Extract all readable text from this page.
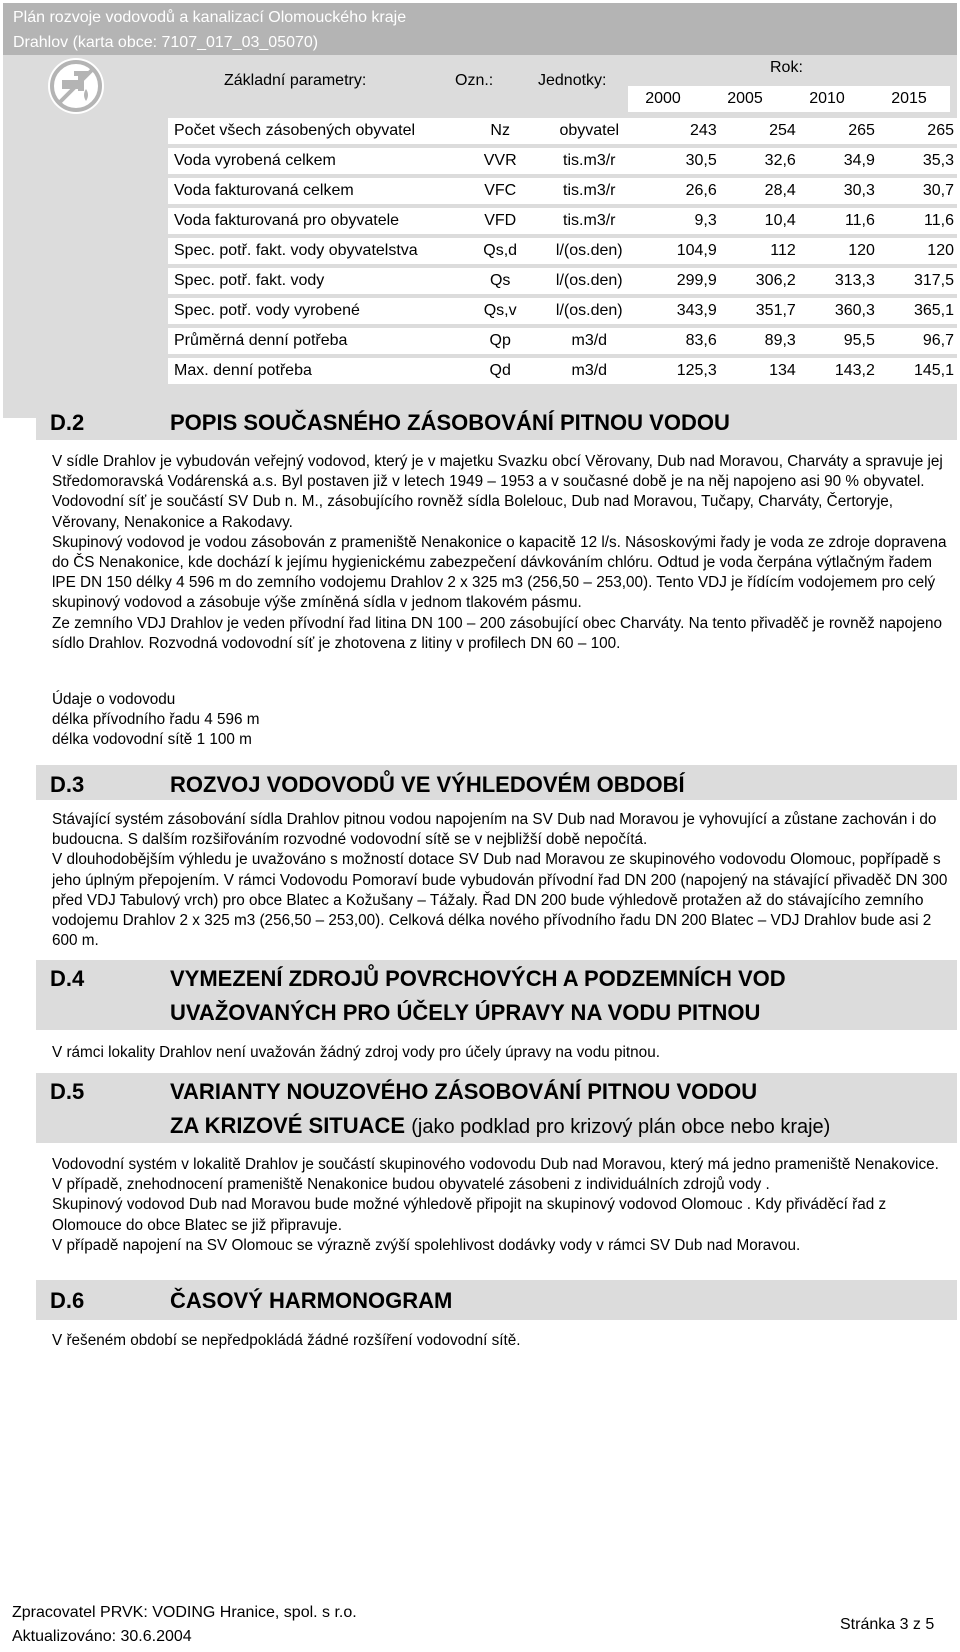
Plán rozvoje vodovodů a kanalizací Olomouckého kraje
Drahlov (karta obce: 7107_017_03_05070)
Základní parametry:	Ozn.:	Jednotky:
Rok:
2000	2005	2010	2015
Počet všech zásobených obyvatel	Nz	obyvatel	243	254	265	265
Voda vyrobená celkem	VVR	tis.m3/r	30,5	32,6	34,9	35,3
Voda fakturovaná celkem	VFC	tis.m3/r	26,6	28,4	30,3	30,7
Voda fakturovaná pro obyvatele	VFD	tis.m3/r	9,3	10,4	11,6	11,6
Spec. potř. fakt. vody obyvatelstva	Qs,d	l/(os.den)	104,9	112	120	120
Spec. potř. fakt. vody	Qs	l/(os.den)	299,9	306,2	313,3	317,5
Spec. potř. vody vyrobené	Qs,v	l/(os.den)	343,9	351,7	360,3	365,1
Průměrná denní potřeba	Qp	m3/d	83,6	89,3	95,5	96,7
Max. denní potřeba	Qd	m3/d	125,3	134	143,2	145,1
D.2	POPIS SOUČASNÉHO ZÁSOBOVÁNÍ PITNOU VODOU

V sídle Drahlov je vybudován veřejný vodovod, který je v majetku Svazku obcí Věrovany, Dub nad Moravou, Charváty a spravuje jej Středomoravská Vodárenská a.s. Byl postaven již v letech 1949 – 1953 a v současné době je na něj napojeno asi 90 % obyvatel. Vodovodní síť je součástí SV Dub n. M., zásobujícího rovněž sídla Bolelouc, Dub nad Moravou, Tučapy, Charváty, Čertoryje, Věrovany, Nenakonice a Rakodavy.

Skupinový vodovod je vodou zásobován z prameniště Nenakonice o kapacitě 12 l/s. Násoskovými řady je voda ze zdroje dopravena do ČS Nenakonice, kde dochází k jejímu hygienickému zabezpečení dávkováním chlóru. Odtud je voda čerpána výtlačným řadem lPE DN 150 délky 4 596 m do zemního vodojemu Drahlov 2 x 325 m3 (256,50 – 253,00). Tento VDJ je řídícím vodojemem pro celý skupinový vodovod a zásobuje výše zmíněná sídla v jednom tlakovém pásmu.

Ze zemního VDJ Drahlov je veden přívodní řad litina DN 100 – 200 zásobující obec Charváty. Na tento přivaděč je rovněž napojeno sídlo Drahlov. Rozvodná vodovodní síť je zhotovena z litiny v profilech DN 60 – 100.

Údaje o vodovodu

délka přívodního řadu 4 596 m

délka vodovodní sítě 1 100 m

D.3	ROZVOJ VODOVODŮ VE VÝHLEDOVÉM OBDOBÍ

Stávající systém zásobování sídla Drahlov pitnou vodou napojením na SV Dub nad Moravou je vyhovující a zůstane zachován i do budoucna. S dalším rozšiřováním rozvodné vodovodní sítě se v nejbližší době nepočítá.

V dlouhodobějším výhledu je uvažováno s možností dotace SV Dub nad Moravou ze skupinového vodovodu Olomouc, popřípadě s jeho úplným přepojením. V rámci Vodovodu Pomoraví bude vybudován přívodní řad DN 200 (napojený na stávající přivaděč DN 300 před VDJ Tabulový vrch) pro obce Blatec a Kožušany – Tážaly. Řad DN 200 bude výhledově protažen až do stávajícího zemního vodojemu Drahlov 2 x 325 m3 (256,50 – 253,00). Celková délka nového přívodního řadu DN 200 Blatec – VDJ Drahlov bude asi 2 600 m.

D.4	VYMEZENÍ ZDROJŮ POVRCHOVÝCH A PODZEMNÍCH VOD
UVAŽOVANÝCH PRO ÚČELY ÚPRAVY NA VODU PITNOU

V rámci lokality Drahlov není uvažován žádný zdroj vody pro účely úpravy na vodu pitnou.

D.5	VARIANTY NOUZOVÉHO ZÁSOBOVÁNÍ PITNOU VODOU
ZA KRIZOVÉ SITUACE (jako podklad pro krizový plán obce nebo kraje)

Vodovodní systém v lokalitě Drahlov je součástí skupinového vodovodu Dub nad Moravou, který má jedno prameniště Nenakovice. V případě, znehodnocení prameniště Nenakonice budou obyvatelé zásobeni z individuálních zdrojů vody .

Skupinový vodovod Dub nad Moravou bude možné výhledově připojit na skupinový vodovod Olomouc . Kdy přiváděcí řad z Olomouce do obce Blatec se již připravuje.

V případě napojení na SV Olomouc se výrazně zvýší spolehlivost dodávky vody v rámci SV Dub nad Moravou.

D.6	ČASOVÝ HARMONOGRAM

V řešeném období se nepředpokládá žádné rozšíření vodovodní sítě.

Zpracovatel PRVK: VODING Hranice, spol. s r.o.
Aktualizováno: 30.6.2004
Stránka 3 z 5
